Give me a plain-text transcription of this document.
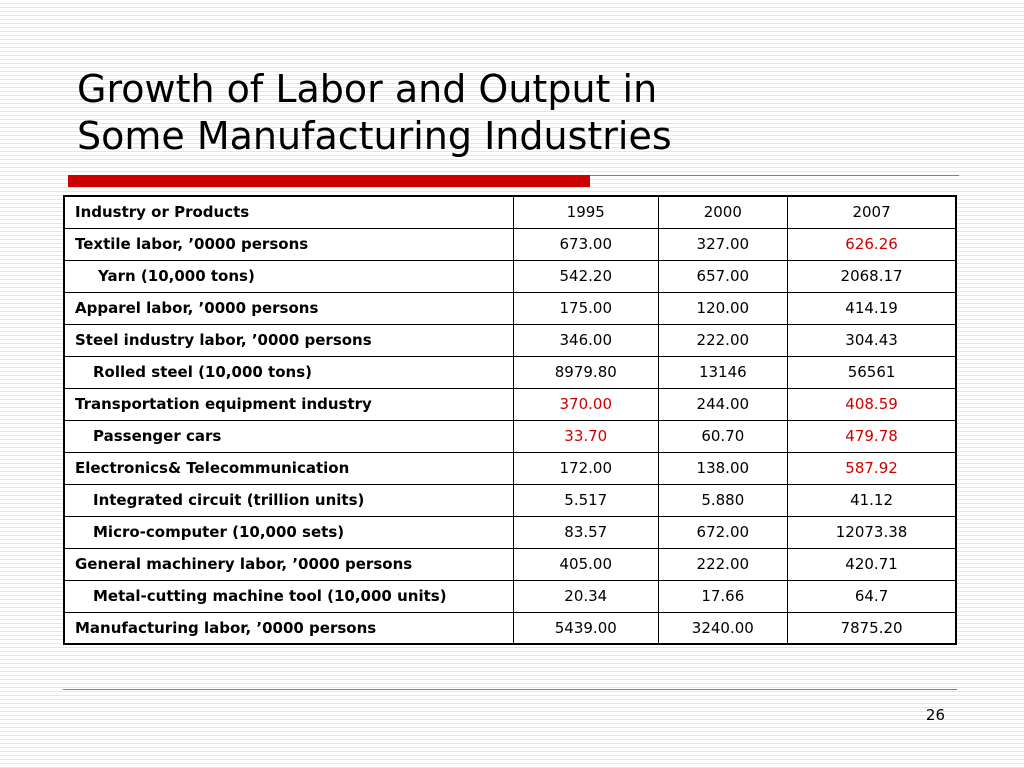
Growth of Labor and Output in
Some Manufacturing Industries
Industry or Products	1995	2000	2007
Textile labor, ’0000 persons	673.00	327.00	626.26
Yarn (10,000 tons)	542.20	657.00	2068.17
Apparel labor, ’0000 persons	175.00	120.00	414.19
Steel industry labor, ’0000 persons	346.00	222.00	304.43
Rolled steel (10,000 tons)	8979.80	13146	56561
Transportation equipment industry	370.00	244.00	408.59
Passenger cars	33.70	60.70	479.78
Electronics& Telecommunication	172.00	138.00	587.92
Integrated circuit (trillion units)	5.517	5.880	41.12
Micro-computer (10,000 sets)	83.57	672.00	12073.38
General machinery labor, ’0000 persons	405.00	222.00	420.71
Metal-cutting machine tool (10,000 units)	20.34	17.66	64.7
Manufacturing labor, ’0000 persons	5439.00	3240.00	7875.20
26
